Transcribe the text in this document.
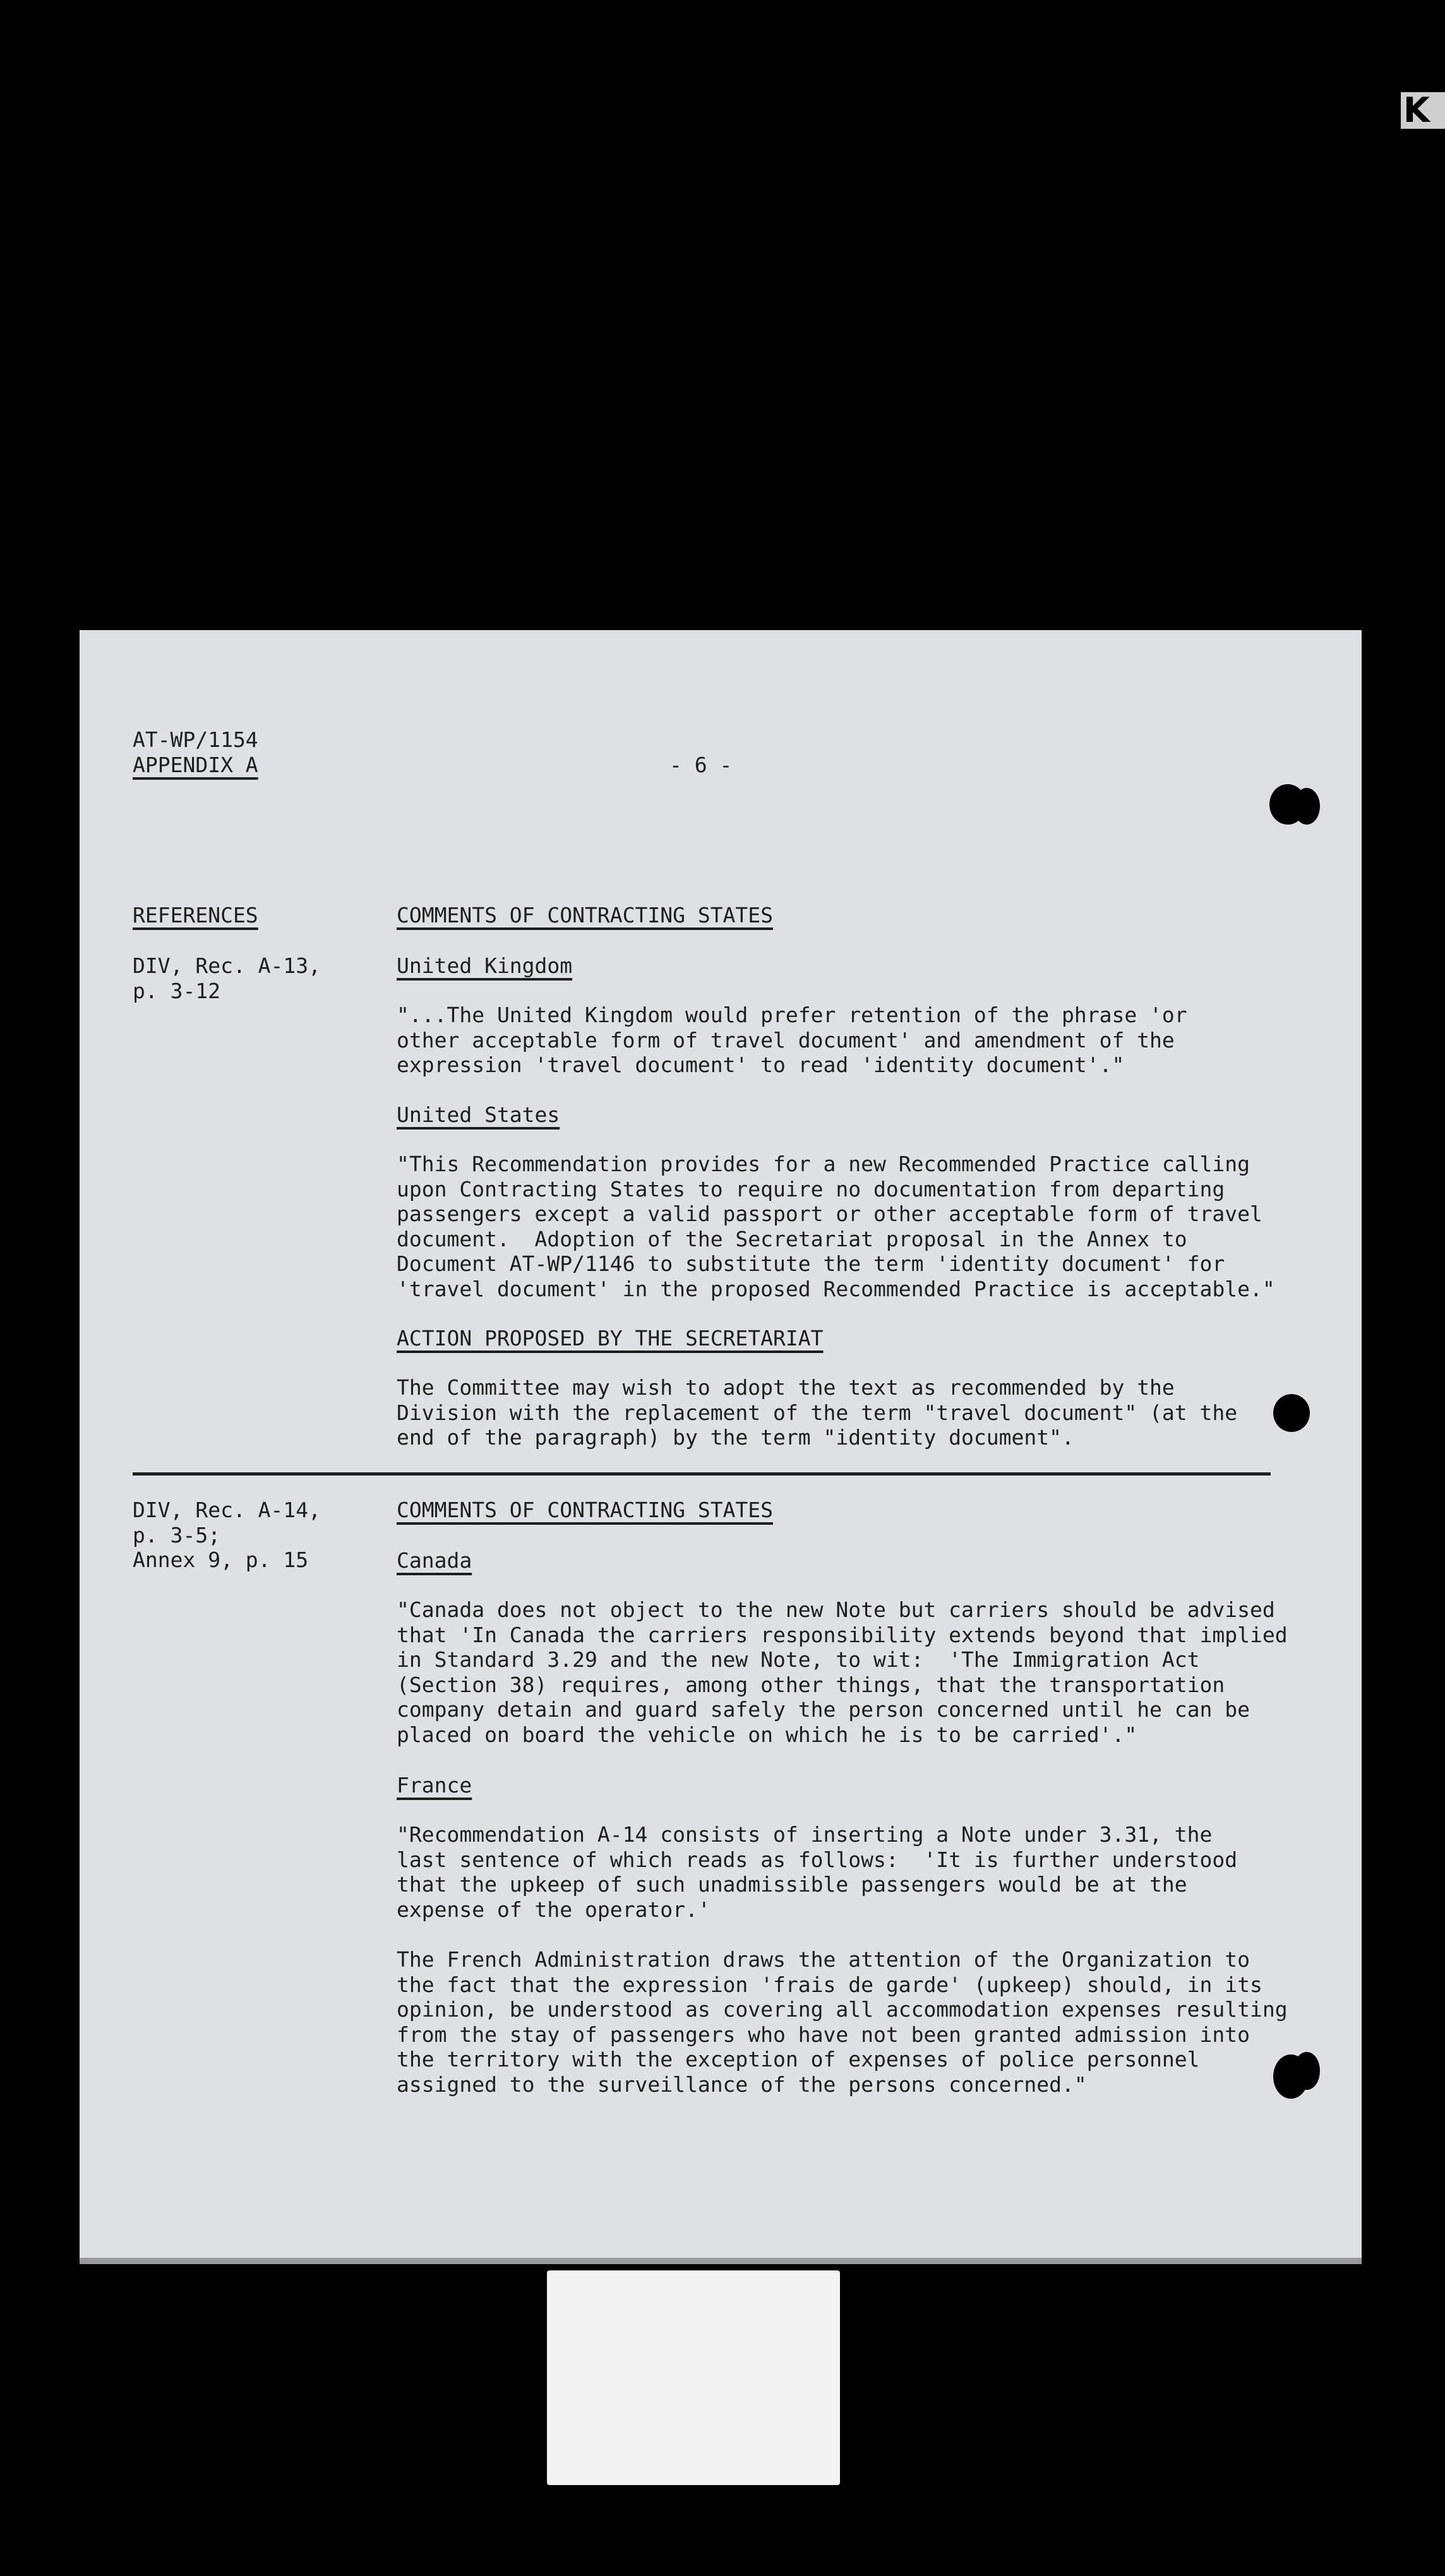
K
AT-WP/1154
APPENDIX A	- 6 -
REFERENCES	COMMENTS OF CONTRACTING STATES
DIV, Rec. A-13,
p. 3-12
United Kingdom
"...The United Kingdom would prefer retention of the phrase 'or
other acceptable form of travel document' and amendment of the
expression 'travel document' to read 'identity document'."
United States
"This Recommendation provides for a new Recommended Practice calling
upon Contracting States to require no documentation from departing
passengers except a valid passport or other acceptable form of travel
document.  Adoption of the Secretariat proposal in the Annex to
Document AT-WP/1146 to substitute the term 'identity document' for
'travel document' in the proposed Recommended Practice is acceptable."
ACTION PROPOSED BY THE SECRETARIAT
The Committee may wish to adopt the text as recommended by the
Division with the replacement of the term "travel document" (at the
end of the paragraph) by the term "identity document".
DIV, Rec. A-14,
p. 3-5;
Annex 9, p. 15
COMMENTS OF CONTRACTING STATES
Canada
"Canada does not object to the new Note but carriers should be advised
that 'In Canada the carriers responsibility extends beyond that implied
in Standard 3.29 and the new Note, to wit:  'The Immigration Act
(Section 38) requires, among other things, that the transportation
company detain and guard safely the person concerned until he can be
placed on board the vehicle on which he is to be carried'."
France
"Recommendation A-14 consists of inserting a Note under 3.31, the
last sentence of which reads as follows:  'It is further understood
that the upkeep of such unadmissible passengers would be at the
expense of the operator.'
The French Administration draws the attention of the Organization to
the fact that the expression 'frais de garde' (upkeep) should, in its
opinion, be understood as covering all accommodation expenses resulting
from the stay of passengers who have not been granted admission into
the territory with the exception of expenses of police personnel
assigned to the surveillance of the persons concerned."
